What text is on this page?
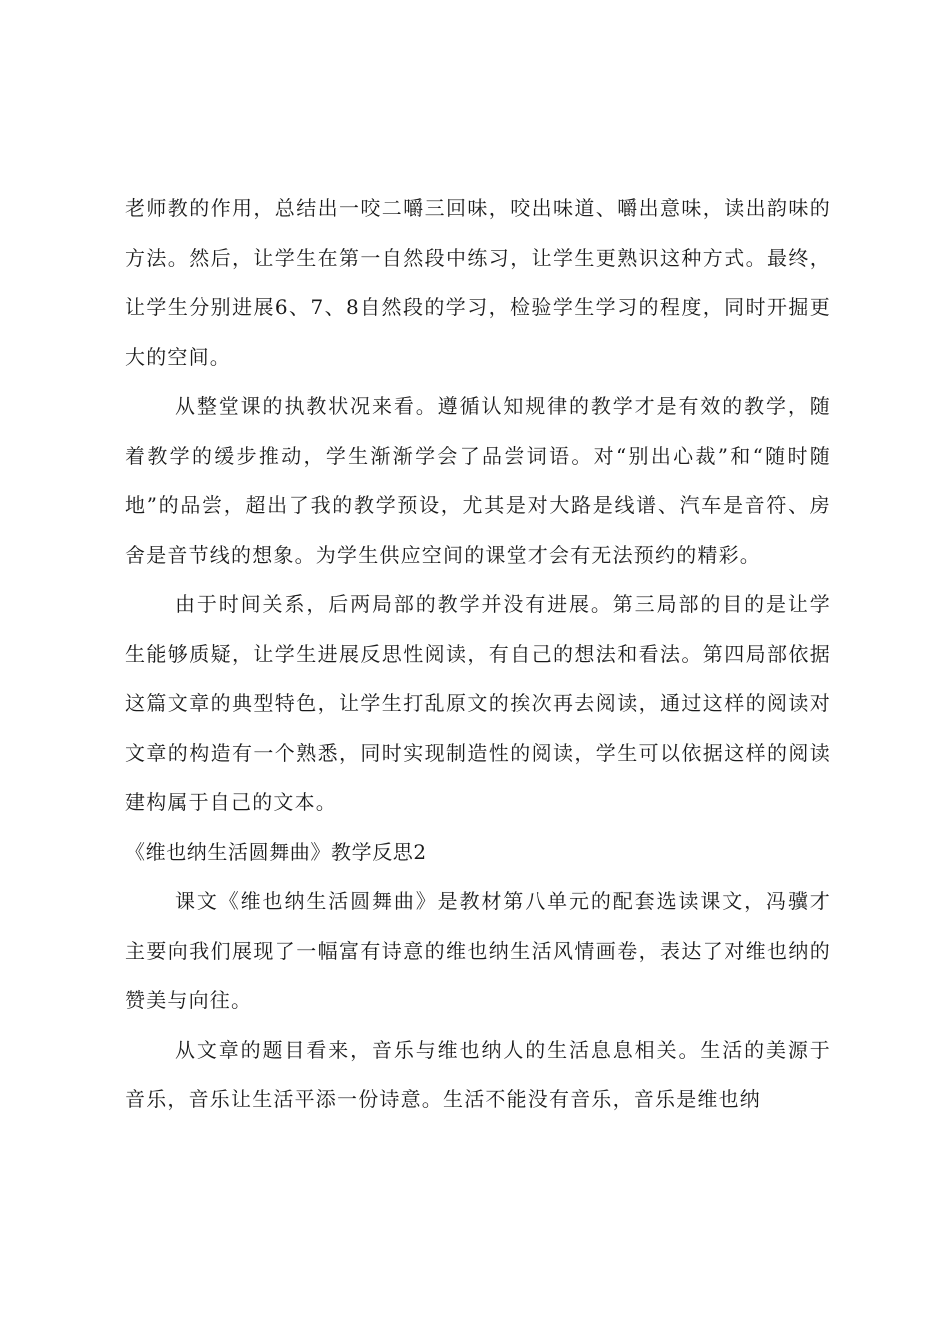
老师教的作用，总结出一咬二嚼三回味，咬出味道、嚼出意味，读出韵味的方法。然后，让学生在第一自然段中练习，让学生更熟识这种方式。最终，让学生分别进展6、7、8自然段的学习，检验学生学习的程度，同时开掘更大的空间。

从整堂课的执教状况来看。遵循认知规律的教学才是有效的教学，随着教学的缓步推动，学生渐渐学会了品尝词语。对“别出心裁”和“随时随地”的品尝，超出了我的教学预设，尤其是对大路是线谱、汽车是音符、房舍是音节线的想象。为学生供应空间的课堂才会有无法预约的精彩。

由于时间关系，后两局部的教学并没有进展。第三局部的目的是让学生能够质疑，让学生进展反思性阅读，有自己的想法和看法。第四局部依据这篇文章的典型特色，让学生打乱原文的挨次再去阅读，通过这样的阅读对文章的构造有一个熟悉，同时实现制造性的阅读，学生可以依据这样的阅读建构属于自己的文本。

《维也纳生活圆舞曲》教学反思2

课文《维也纳生活圆舞曲》是教材第八单元的配套选读课文，冯骥才主要向我们展现了一幅富有诗意的维也纳生活风情画卷，表达了对维也纳的赞美与向往。

从文章的题目看来，音乐与维也纳人的生活息息相关。生活的美源于音乐，音乐让生活平添一份诗意。生活不能没有音乐，音乐是维也纳
